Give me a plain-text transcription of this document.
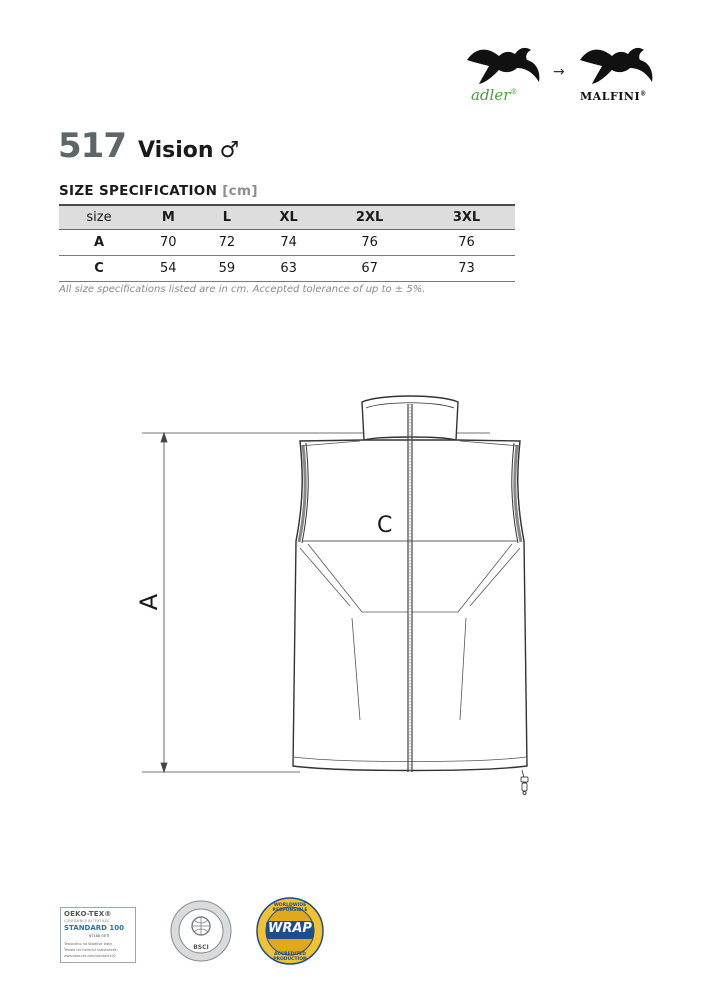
adler®
→
MALFINI®
517 Vision ♂
SIZE SPECIFICATION [cm]
size	M	L	XL	2XL	3XL
A	70	72	74	76	76
C	54	59	63	67	73
All size specifications listed are in cm. Accepted tolerance of up to ± 5%.
A
C
OEKO-TEX®
CONFIDENCE IN TEXTILES
STANDARD 100
67168 OETI
Testováno na škodlivé látky.
Tested for harmful substances.
www.oeko-tex.com/standard100
BSCI
WORLDWIDE RESPONSIBLE
WRAP
ACCREDITED PRODUCTION
